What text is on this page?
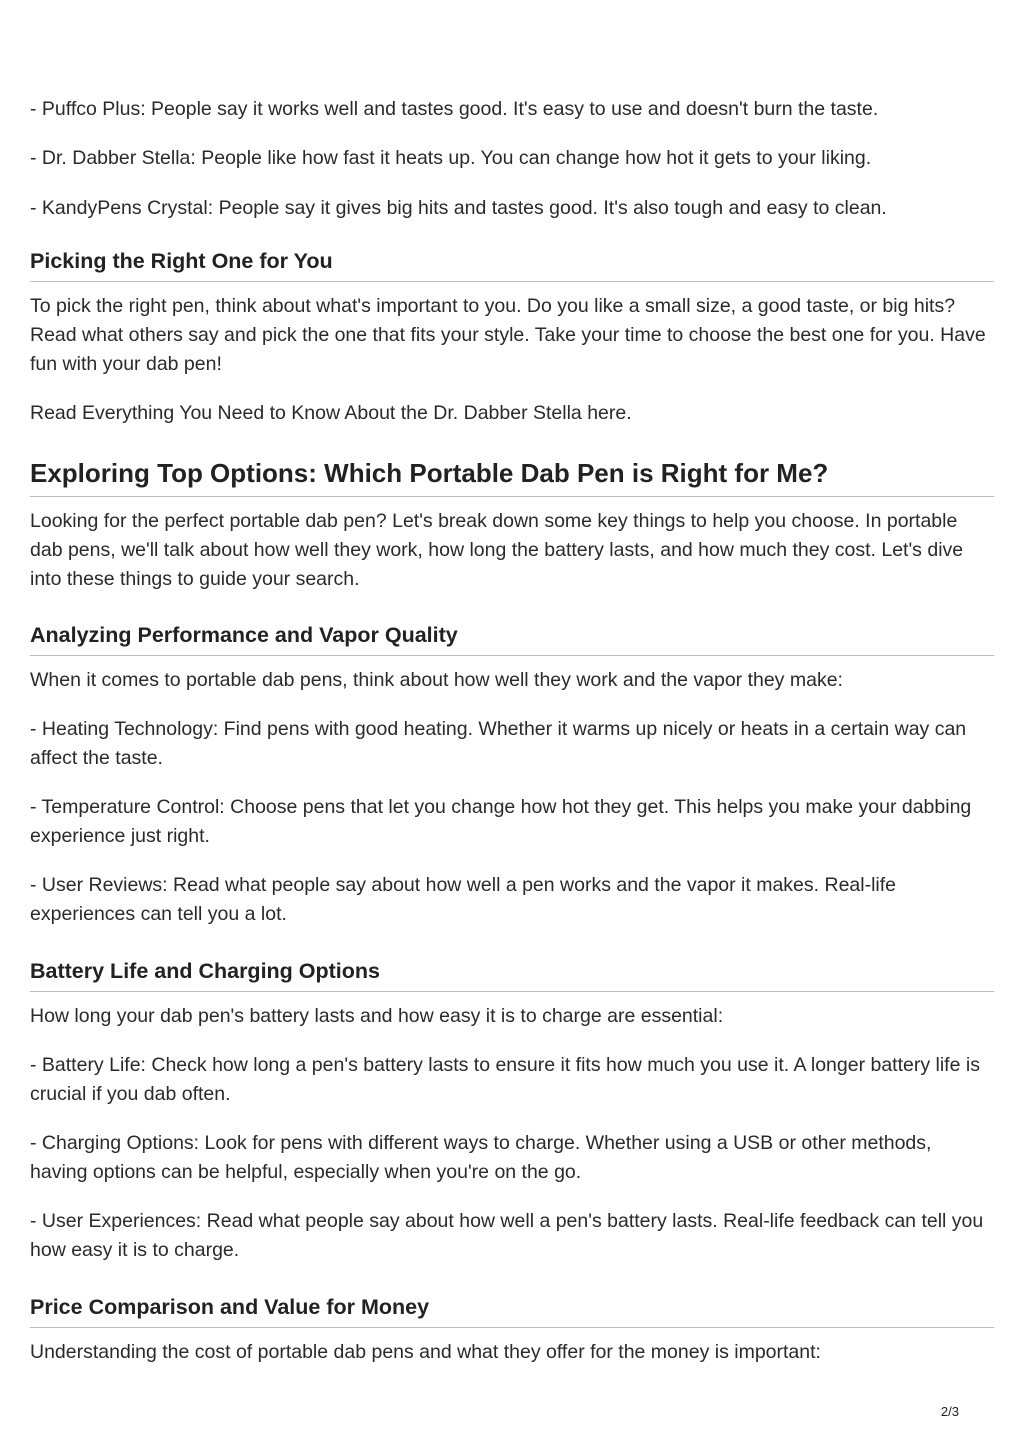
- Puffco Plus: People say it works well and tastes good. It's easy to use and doesn't burn the taste.

- Dr. Dabber Stella: People like how fast it heats up. You can change how hot it gets to your liking.

- KandyPens Crystal: People say it gives big hits and tastes good. It's also tough and easy to clean.

Picking the Right One for You

To pick the right pen, think about what's important to you. Do you like a small size, a good taste, or big hits? Read what others say and pick the one that fits your style. Take your time to choose the best one for you. Have fun with your dab pen!

Read Everything You Need to Know About the Dr. Dabber Stella here.

Exploring Top Options: Which Portable Dab Pen is Right for Me?

Looking for the perfect portable dab pen? Let's break down some key things to help you choose. In portable dab pens, we'll talk about how well they work, how long the battery lasts, and how much they cost. Let's dive into these things to guide your search.

Analyzing Performance and Vapor Quality

When it comes to portable dab pens, think about how well they work and the vapor they make:

- Heating Technology: Find pens with good heating. Whether it warms up nicely or heats in a certain way can affect the taste.

- Temperature Control: Choose pens that let you change how hot they get. This helps you make your dabbing experience just right.

- User Reviews: Read what people say about how well a pen works and the vapor it makes. Real-life experiences can tell you a lot.

Battery Life and Charging Options

How long your dab pen's battery lasts and how easy it is to charge are essential:

- Battery Life: Check how long a pen's battery lasts to ensure it fits how much you use it. A longer battery life is crucial if you dab often.

- Charging Options: Look for pens with different ways to charge. Whether using a USB or other methods, having options can be helpful, especially when you're on the go.

- User Experiences: Read what people say about how well a pen's battery lasts. Real-life feedback can tell you how easy it is to charge.

Price Comparison and Value for Money

Understanding the cost of portable dab pens and what they offer for the money is important:

2/3
